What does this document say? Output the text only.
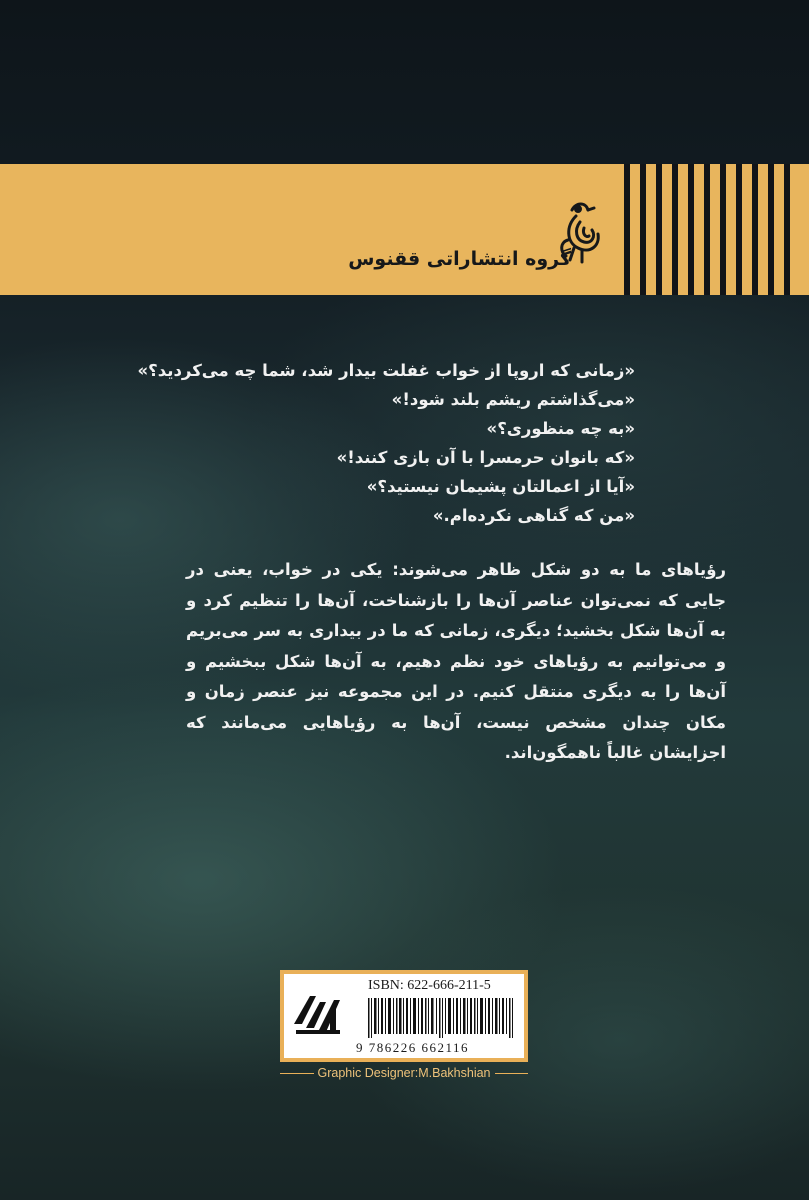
گروه انتشاراتی ققنوس
«زمانی که اروپا از خواب غفلت بیدار شد، شما چه می‌کردید؟»
«می‌گذاشتم ریشم بلند شود!»
«به چه منظوری؟»
«که بانوان حرمسرا با آن بازی کنند!»
«آیا از اعمالتان پشیمان نیستید؟»
«من که گناهی نکرده‌ام.»
رؤیاهای ما به دو شکل ظاهر می‌شوند: یکی در خواب، یعنی در جایی که نمی‌توان عناصر آن‌ها را بازشناخت، آن‌ها را تنظیم کرد و به آن‌ها شکل بخشید؛ دیگری، زمانی که ما در بیداری به سر می‌بریم و می‌توانیم به رؤیاهای خود نظم دهیم، به آن‌ها شکل ببخشیم و آن‌ها را به دیگری منتقل کنیم. در این مجموعه نیز عنصر زمان و مکان چندان مشخص نیست، آن‌ها به رؤیاهایی می‌مانند که اجزایشان غالباً ناهمگون‌اند.
ISBN: 622-666-211-5
9 786226 662116
Graphic Designer:M.Bakhshian
